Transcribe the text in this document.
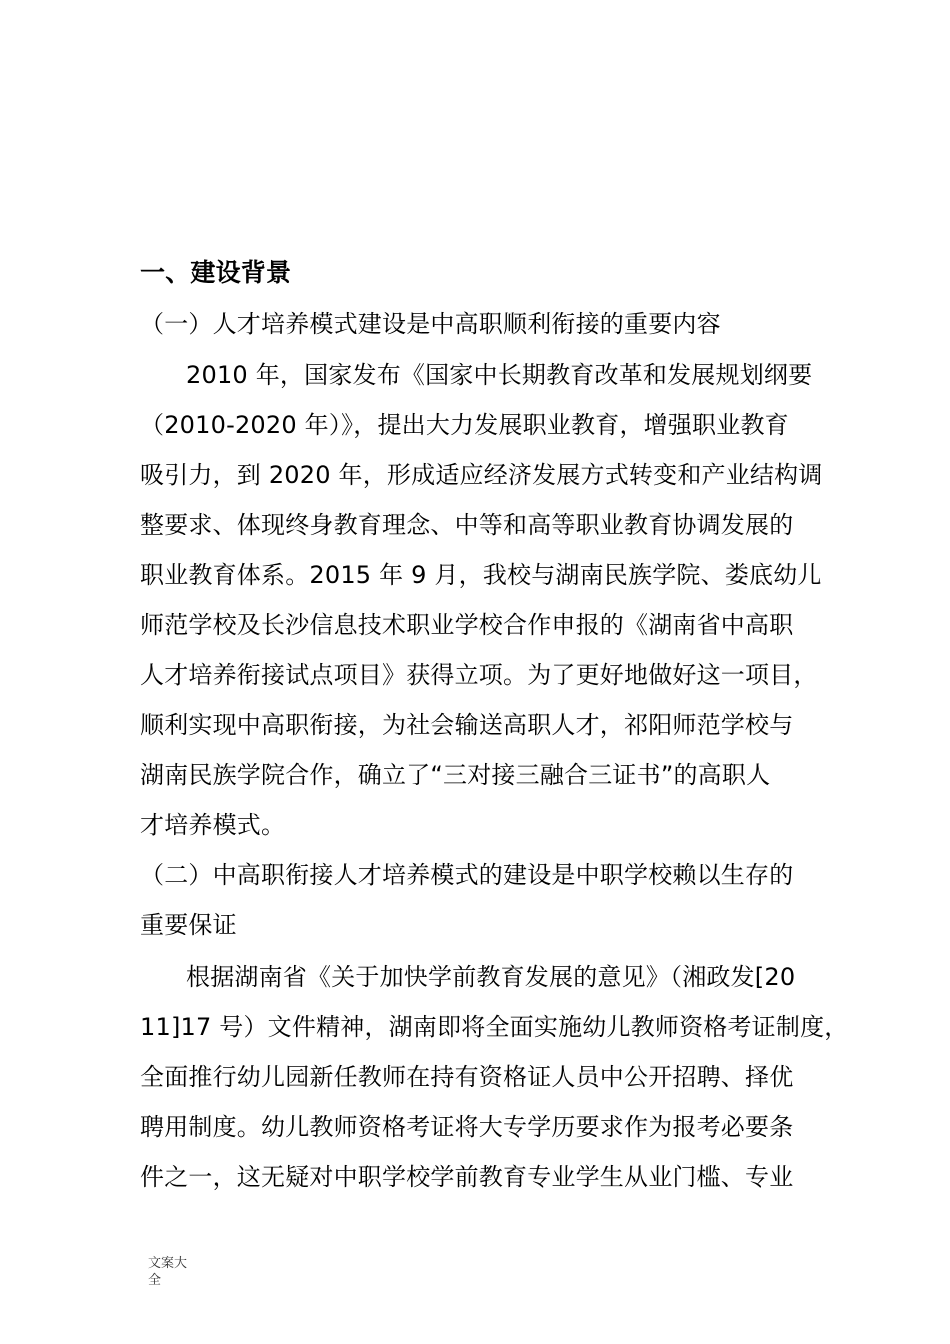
一、建设背景
（一）人才培养模式建设是中高职顺利衔接的重要内容
2010 年，国家发布《国家中长期教育改革和发展规划纲要
（2010-2020 年）》，提出大力发展职业教育，增强职业教育
吸引力，到 2020 年，形成适应经济发展方式转变和产业结构调
整要求、体现终身教育理念、中等和高等职业教育协调发展的
职业教育体系。2015 年 9 月，我校与湖南民族学院、娄底幼儿
师范学校及长沙信息技术职业学校合作申报的《湖南省中高职
人才培养衔接试点项目》获得立项。为了更好地做好这一项目，
顺利实现中高职衔接，为社会输送高职人才，祁阳师范学校与
湖南民族学院合作，确立了“三对接三融合三证书”的高职人
才培养模式。
（二）中高职衔接人才培养模式的建设是中职学校赖以生存的
重要保证
根据湖南省《关于加快学前教育发展的意见》（湘政发[20
11]17 号）文件精神，湖南即将全面实施幼儿教师资格考证制度，
全面推行幼儿园新任教师在持有资格证人员中公开招聘、择优
聘用制度。幼儿教师资格考证将大专学历要求作为报考必要条
件之一，这无疑对中职学校学前教育专业学生从业门槛、专业
文案大全
